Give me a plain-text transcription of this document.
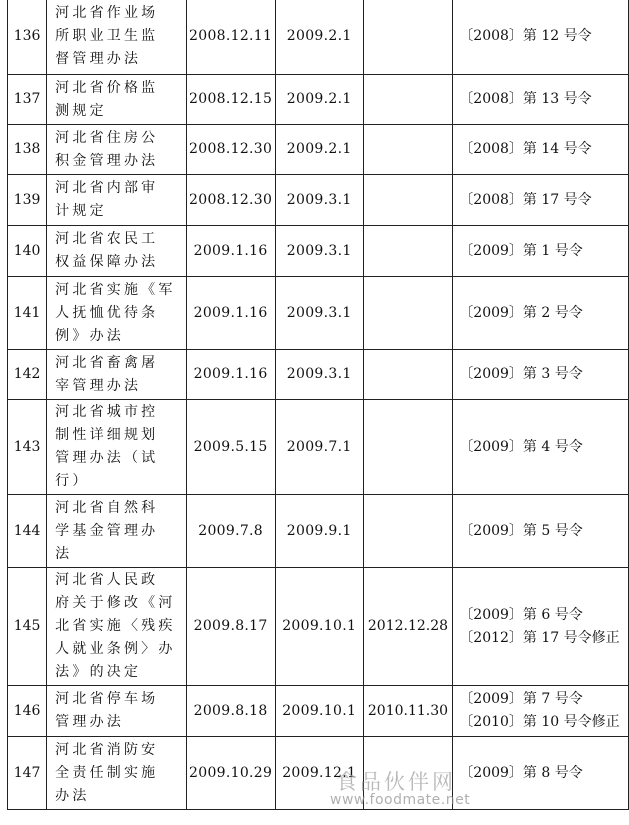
136	河北省作业场
所职业卫生监
督管理办法	2008.12.11	2009.2.1		〔2008〕第 12 号令

137	河北省价格监
测规定	2008.12.15	2009.2.1		〔2008〕第 13 号令

138	河北省住房公
积金管理办法	2008.12.30	2009.2.1		〔2008〕第 14 号令

139	河北省内部审
计规定	2008.12.30	2009.3.1		〔2008〕第 17 号令

140	河北省农民工
权益保障办法	2009.1.16	2009.3.1		〔2009〕第 1 号令

141	河北省实施《军
人抚恤优待条
例》办法	2009.1.16	2009.3.1		〔2009〕第 2 号令

142	河北省畜禽屠
宰管理办法	2009.1.16	2009.3.1		〔2009〕第 3 号令

143	河北省城市控
制性详细规划
管理办法（试
行）	2009.5.15	2009.7.1		〔2009〕第 4 号令

144	河北省自然科
学基金管理办
法	2009.7.8	2009.9.1		〔2009〕第 5 号令

145	河北省人民政
府关于修改《河
北省实施〈残疾
人就业条例〉办
法》的决定	2009.8.17	2009.10.1	2012.12.28	〔2009〕第 6 号令
〔2012〕第 17 号令修正

146	河北省停车场
管理办法	2009.8.18	2009.10.1	2010.11.30	〔2009〕第 7 号令
〔2010〕第 10 号令修正

147	河北省消防安
全责任制实施
办法	2009.10.29	2009.12.1		〔2009〕第 8 号令
食品伙伴网
www.foodmate.net
